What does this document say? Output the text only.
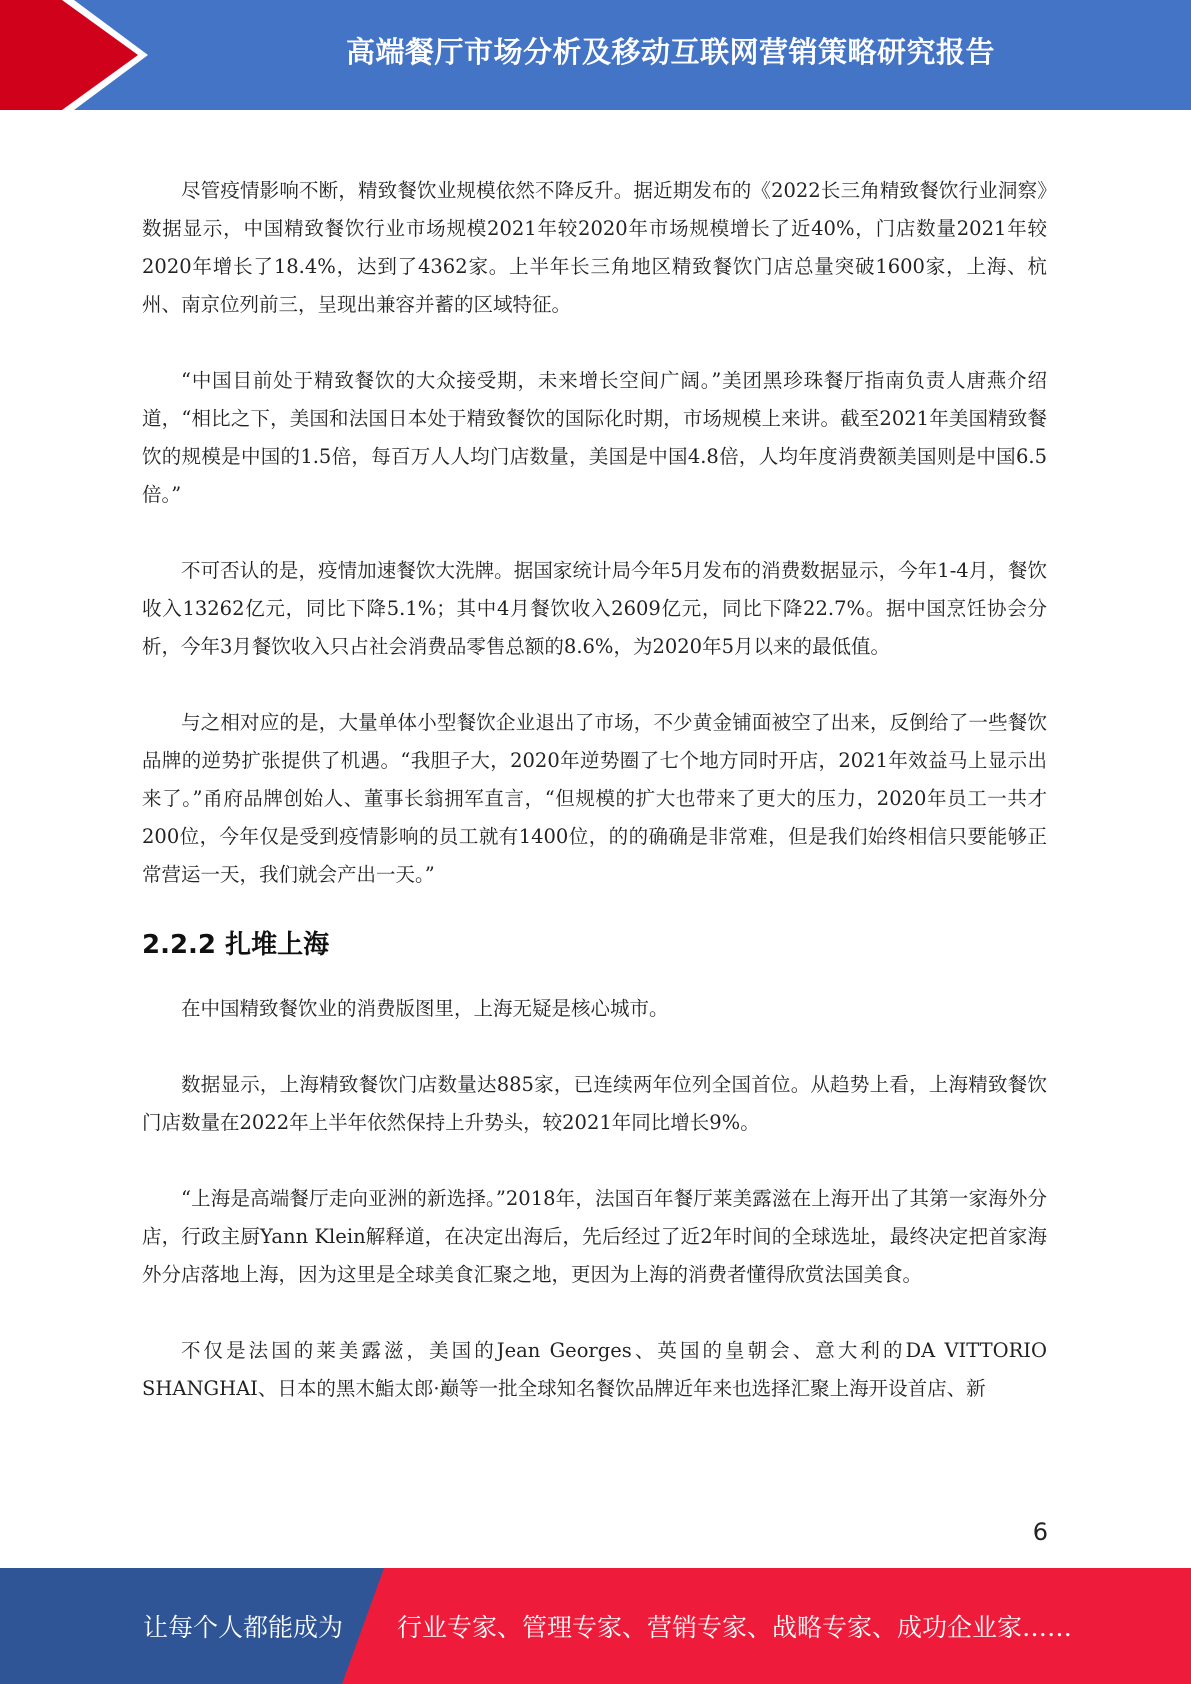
高端餐厅市场分析及移动互联网营销策略研究报告

尽管疫情影响不断，精致餐饮业规模依然不降反升。据近期发布的《2022长三角精致餐饮行业洞察》数据显示，中国精致餐饮行业市场规模2021年较2020年市场规模增长了近40%，门店数量2021年较2020年增长了18.4%，达到了4362家。上半年长三角地区精致餐饮门店总量突破1600家，上海、杭州、南京位列前三，呈现出兼容并蓄的区域特征。

“中国目前处于精致餐饮的大众接受期，未来增长空间广阔。”美团黑珍珠餐厅指南负责人唐燕介绍道，“相比之下，美国和法国日本处于精致餐饮的国际化时期，市场规模上来讲。截至2021年美国精致餐饮的规模是中国的1.5倍，每百万人人均门店数量，美国是中国4.8倍，人均年度消费额美国则是中国6.5倍。”

不可否认的是，疫情加速餐饮大洗牌。据国家统计局今年5月发布的消费数据显示，今年1-4月，餐饮收入13262亿元，同比下降5.1%；其中4月餐饮收入2609亿元，同比下降22.7%。据中国烹饪协会分析，今年3月餐饮收入只占社会消费品零售总额的8.6%，为2020年5月以来的最低值。

与之相对应的是，大量单体小型餐饮企业退出了市场，不少黄金铺面被空了出来，反倒给了一些餐饮品牌的逆势扩张提供了机遇。“我胆子大，2020年逆势圈了七个地方同时开店，2021年效益马上显示出来了。”甬府品牌创始人、董事长翁拥军直言，“但规模的扩大也带来了更大的压力，2020年员工一共才200位，今年仅是受到疫情影响的员工就有1400位，的的确确是非常难，但是我们始终相信只要能够正常营运一天，我们就会产出一天。”

2.2.2 扎堆上海

在中国精致餐饮业的消费版图里，上海无疑是核心城市。

数据显示，上海精致餐饮门店数量达885家，已连续两年位列全国首位。从趋势上看，上海精致餐饮门店数量在2022年上半年依然保持上升势头，较2021年同比增长9%。

“上海是高端餐厅走向亚洲的新选择。”2018年，法国百年餐厅莱美露滋在上海开出了其第一家海外分店，行政主厨Yann Klein解释道，在决定出海后，先后经过了近2年时间的全球选址，最终决定把首家海外分店落地上海，因为这里是全球美食汇聚之地，更因为上海的消费者懂得欣赏法国美食。

不仅是法国的莱美露滋，美国的Jean Georges、英国的皇朝会、意大利的DA VITTORIO SHANGHAI、日本的黑木鮨太郎·巅等一批全球知名餐饮品牌近年来也选择汇聚上海开设首店、新

6
让每个人都能成为 行业专家、管理专家、营销专家、战略专家、成功企业家……
